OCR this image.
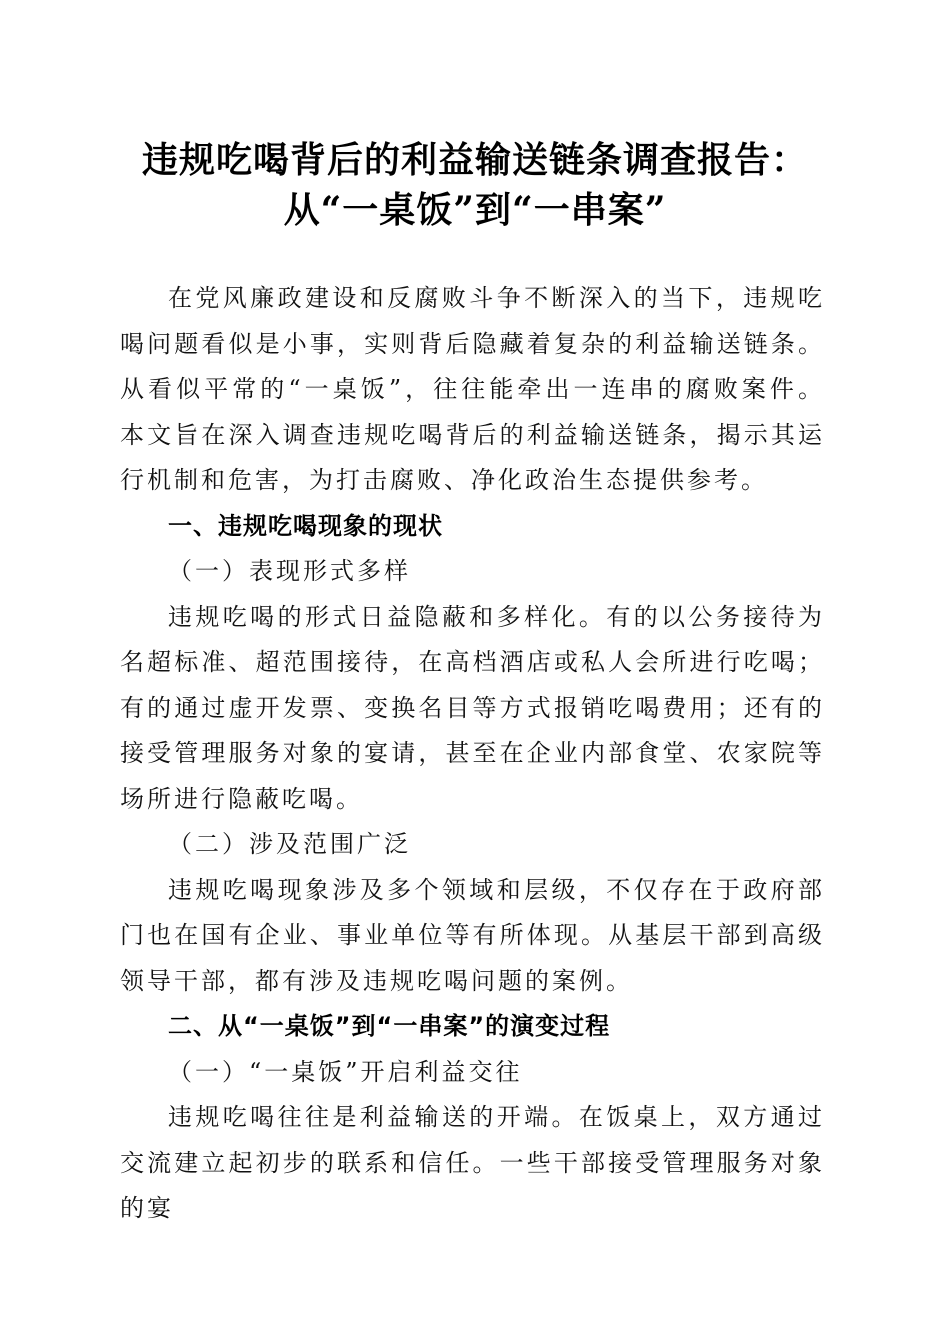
违规吃喝背后的利益输送链条调查报告：
从“一桌饭”到“一串案”

在党风廉政建设和反腐败斗争不断深入的当下，违规吃喝问题看似是小事，实则背后隐藏着复杂的利益输送链条。从看似平常的“一桌饭”，往往能牵出一连串的腐败案件。本文旨在深入调查违规吃喝背后的利益输送链条，揭示其运行机制和危害，为打击腐败、净化政治生态提供参考。

一、违规吃喝现象的现状

（一）表现形式多样

违规吃喝的形式日益隐蔽和多样化。有的以公务接待为名超标准、超范围接待，在高档酒店或私人会所进行吃喝；有的通过虚开发票、变换名目等方式报销吃喝费用；还有的接受管理服务对象的宴请，甚至在企业内部食堂、农家院等场所进行隐蔽吃喝。

（二）涉及范围广泛

违规吃喝现象涉及多个领域和层级，不仅存在于政府部门也在国有企业、事业单位等有所体现。从基层干部到高级领导干部，都有涉及违规吃喝问题的案例。

二、从“一桌饭”到“一串案”的演变过程

（一）“一桌饭”开启利益交往

违规吃喝往往是利益输送的开端。在饭桌上，双方通过交流建立起初步的联系和信任。一些干部接受管理服务对象的宴
